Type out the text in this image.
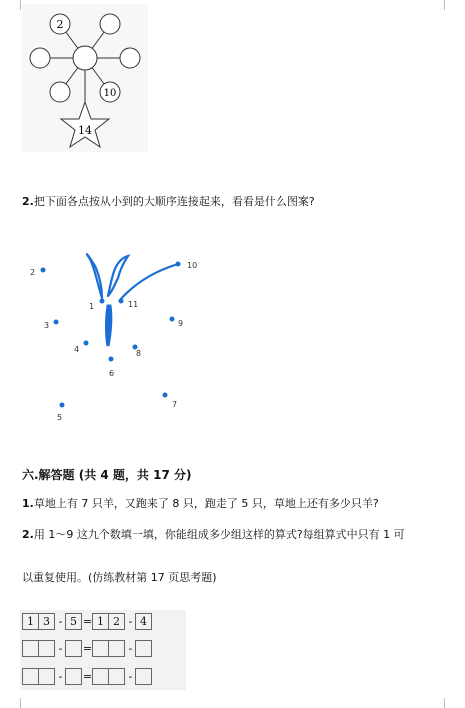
2
10
14
2.把下面各点按从小到的大顺序连接起来，看看是什么图案?
1
2
3
4
5
6
7
8
9
10
11
六.解答题 (共 4 题，共 17 分)
1.草地上有 7 只羊，又跑来了 8 只，跑走了 5 只，草地上还有多少只羊?
2.用 1～9 这九个数填一填，你能组成多少组这样的算式?每组算式中只有 1 可
以重复使用。(仿练教材第 17 页思考题)
1 3 - 5 = 1 2 - 4
-	=	-
-	=	-
